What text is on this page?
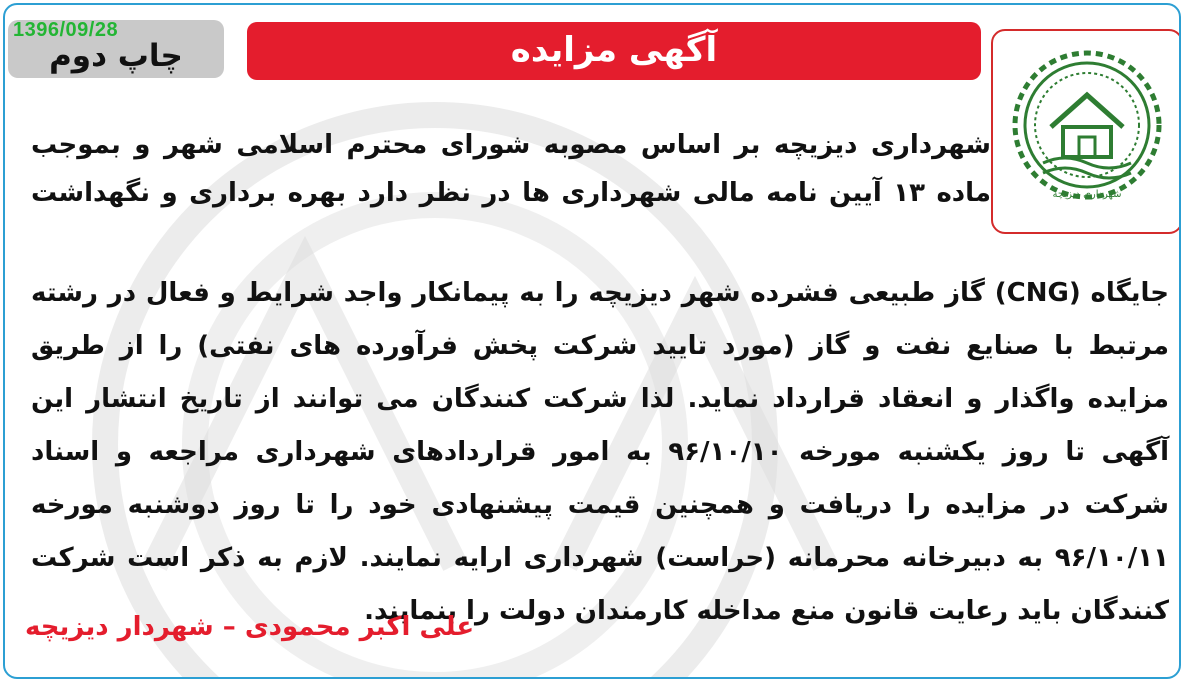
1396/09/28
چاپ دوم	آگهی مزایده
شهرداری دیزیچه

شهرداری دیزیچه بر اساس مصوبه شورای محترم اسلامی شهر و بموجب ماده ۱۳ آیین نامه مالی شهرداری ها در نظر دارد بهره برداری و نگهداشت

جایگاه (CNG) گاز طبیعی فشرده شهر دیزیچه را به پیمانکار واجد شرایط و فعال در رشته مرتبط با صنایع نفت و گاز (مورد تایید شرکت پخش فرآورده های نفتی) را از طریق مزایده واگذار و انعقاد قرارداد نماید. لذا شرکت کنندگان می توانند از تاریخ انتشار این آگهی تا روز یکشنبه مورخه ۹۶/۱۰/۱۰ به امور قراردادهای شهرداری مراجعه و اسناد شرکت در مزایده را دریافت و همچنین قیمت پیشنهادی خود را تا روز دوشنبه مورخه ۹۶/۱۰/۱۱ به دبیرخانه محرمانه (حراست) شهرداری ارایه نمایند. لازم به ذکر است شرکت کنندگان باید رعایت قانون منع مداخله کارمندان دولت را بنمایند.

علی اکبر محمودی – شهردار دیزیچه
